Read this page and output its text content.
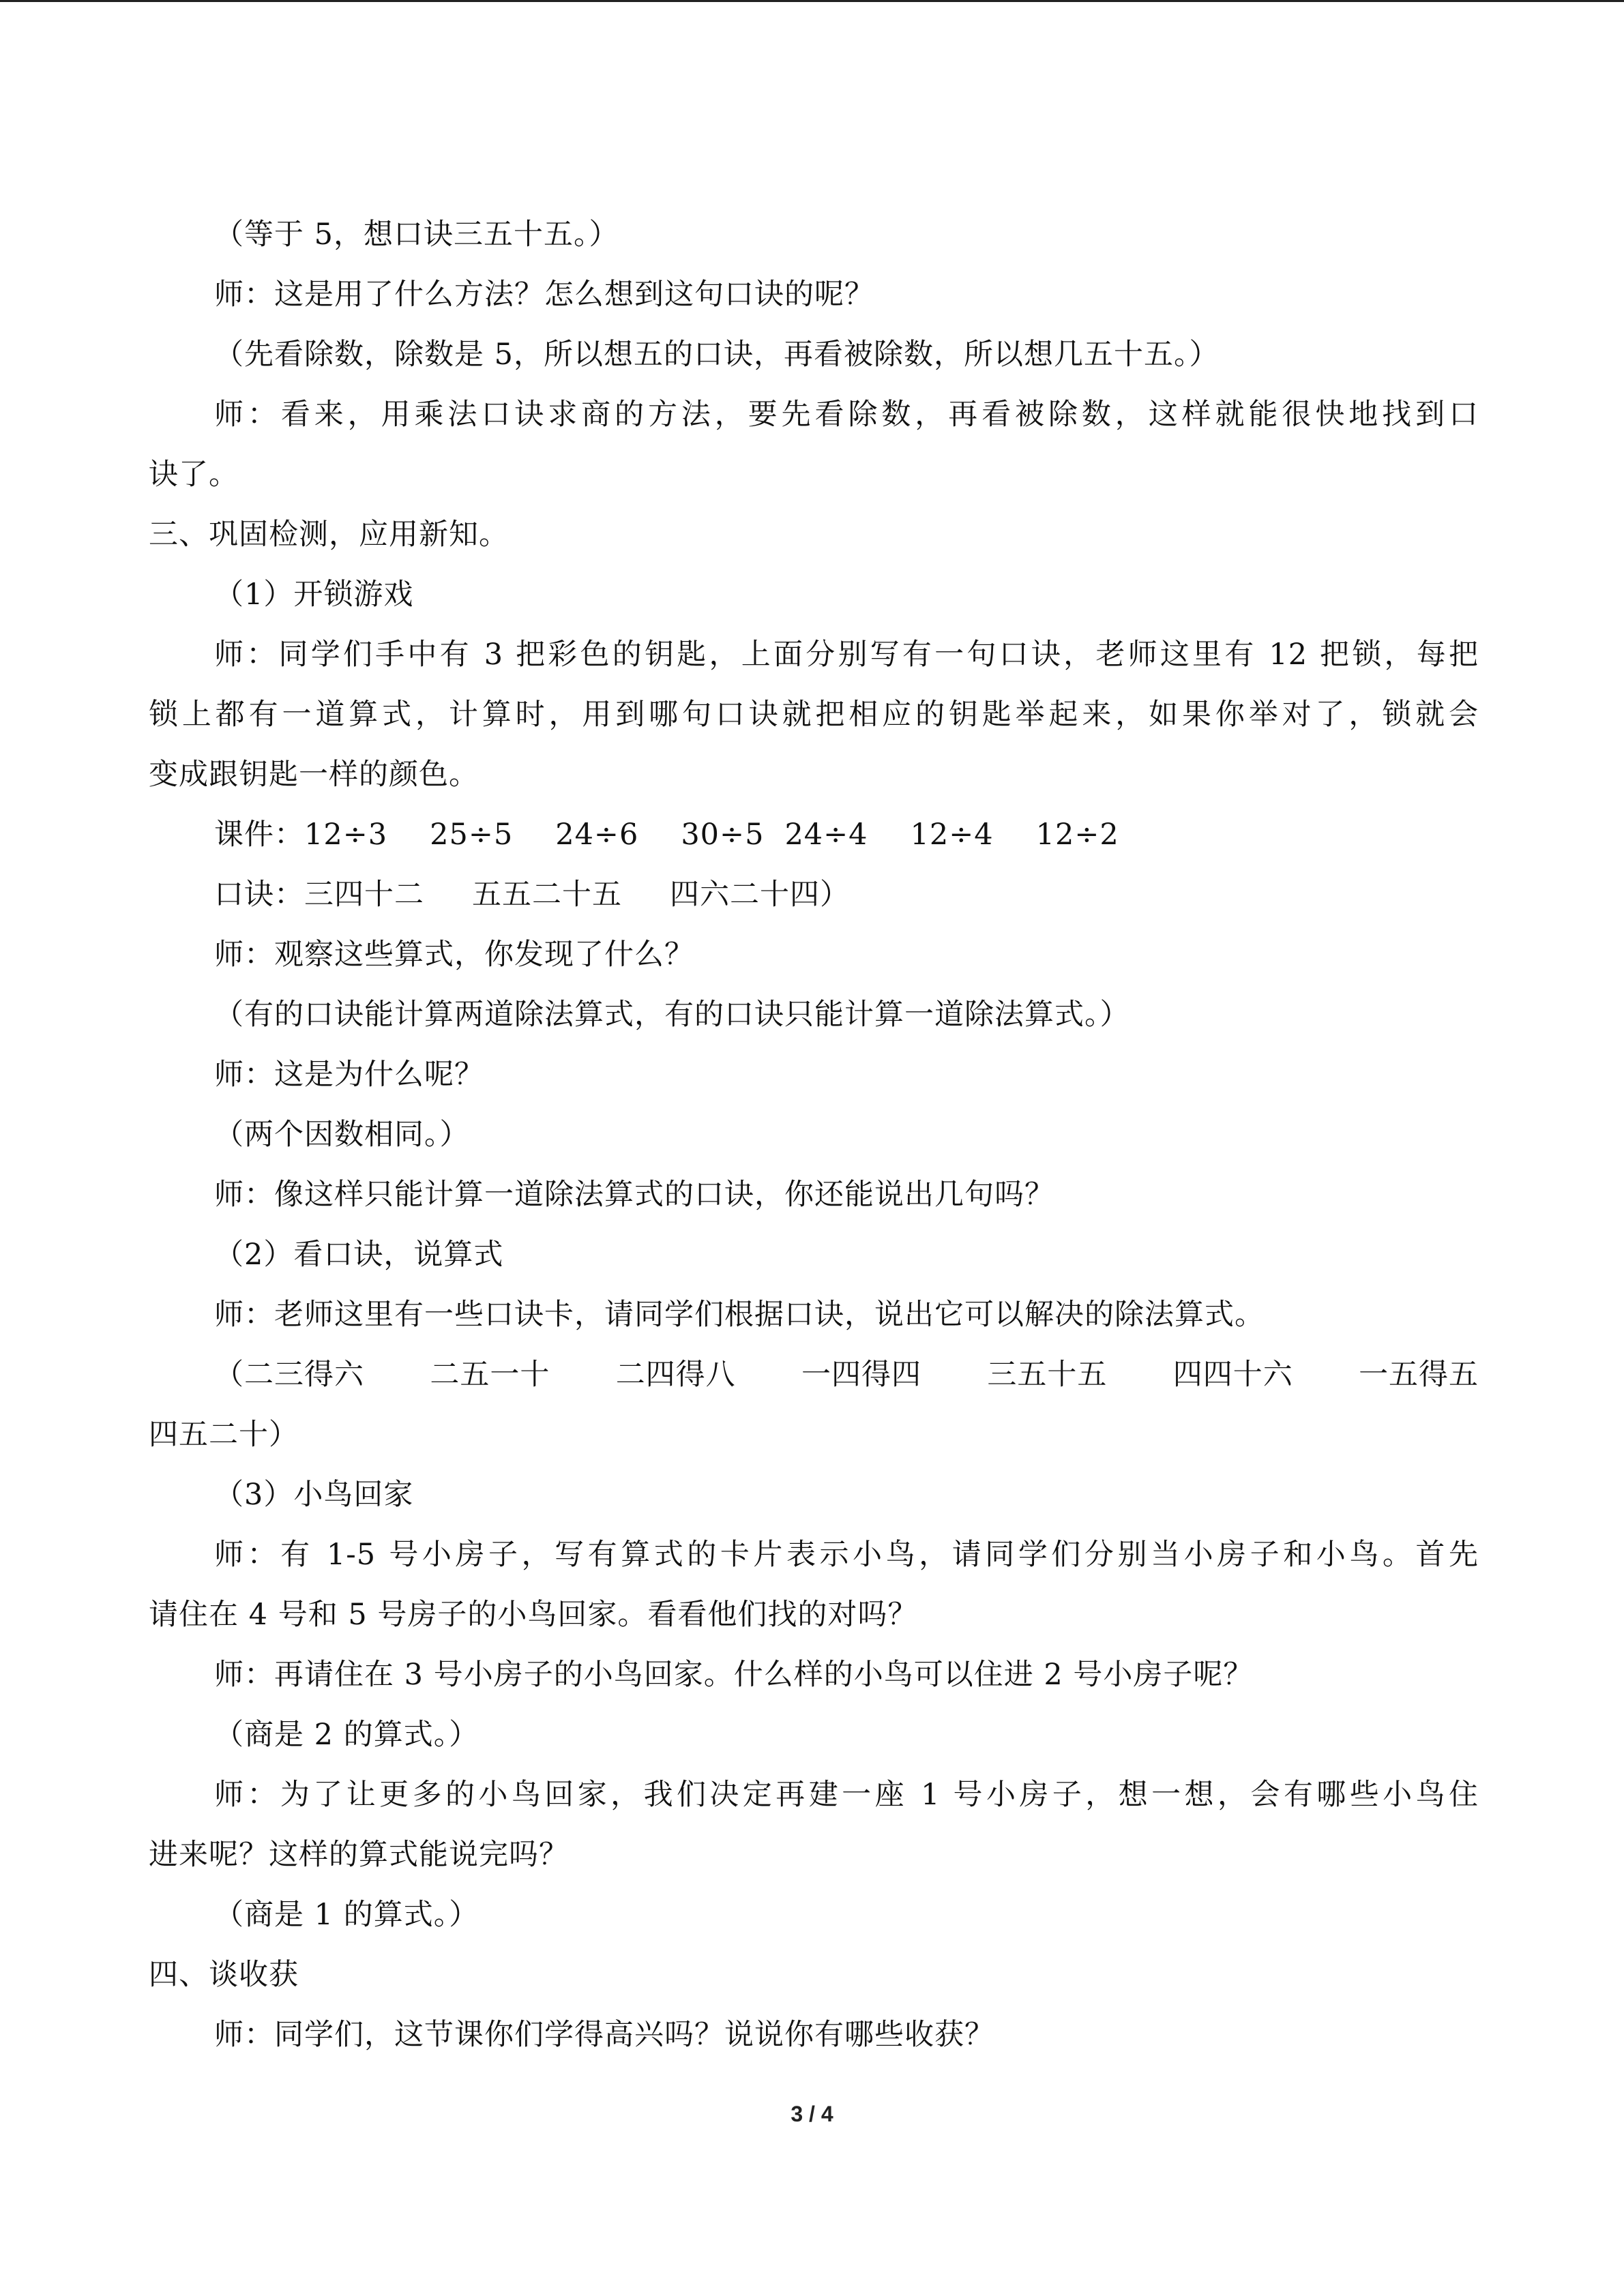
（等于 5，想口诀三五十五。）
师：这是用了什么方法？怎么想到这句口诀的呢？
（先看除数，除数是 5，所以想五的口诀，再看被除数，所以想几五十五。）
师：看来，用乘法口诀求商的方法，要先看除数，再看被除数，这样就能很快地找到口
诀了。
三、巩固检测，应用新知。
（1）开锁游戏
师：同学们手中有 3 把彩色的钥匙，上面分别写有一句口诀，老师这里有 12 把锁，每把
锁上都有一道算式，计算时，用到哪句口诀就把相应的钥匙举起来，如果你举对了，锁就会
变成跟钥匙一样的颜色。
课件：12÷3 25÷5 24÷6 30÷5 24÷4 12÷4 12÷2
口诀：三四十二 五五二十五 四六二十四）
师：观察这些算式，你发现了什么？
（有的口诀能计算两道除法算式，有的口诀只能计算一道除法算式。）
师：这是为什么呢？
（两个因数相同。）
师：像这样只能计算一道除法算式的口诀，你还能说出几句吗？
（2）看口诀，说算式
师：老师这里有一些口诀卡，请同学们根据口诀，说出它可以解决的除法算式。
（二三得六 二五一十 二四得八 一四得四 三五十五 四四十六 一五得五
四五二十）
（3）小鸟回家
师：有 1-5 号小房子，写有算式的卡片表示小鸟，请同学们分别当小房子和小鸟。首先
请住在 4 号和 5 号房子的小鸟回家。看看他们找的对吗？
师：再请住在 3 号小房子的小鸟回家。什么样的小鸟可以住进 2 号小房子呢？
（商是 2 的算式。）
师：为了让更多的小鸟回家，我们决定再建一座 1 号小房子，想一想，会有哪些小鸟住
进来呢？这样的算式能说完吗？
（商是 1 的算式。）
四、谈收获
师：同学们，这节课你们学得高兴吗？说说你有哪些收获？
3 / 4
